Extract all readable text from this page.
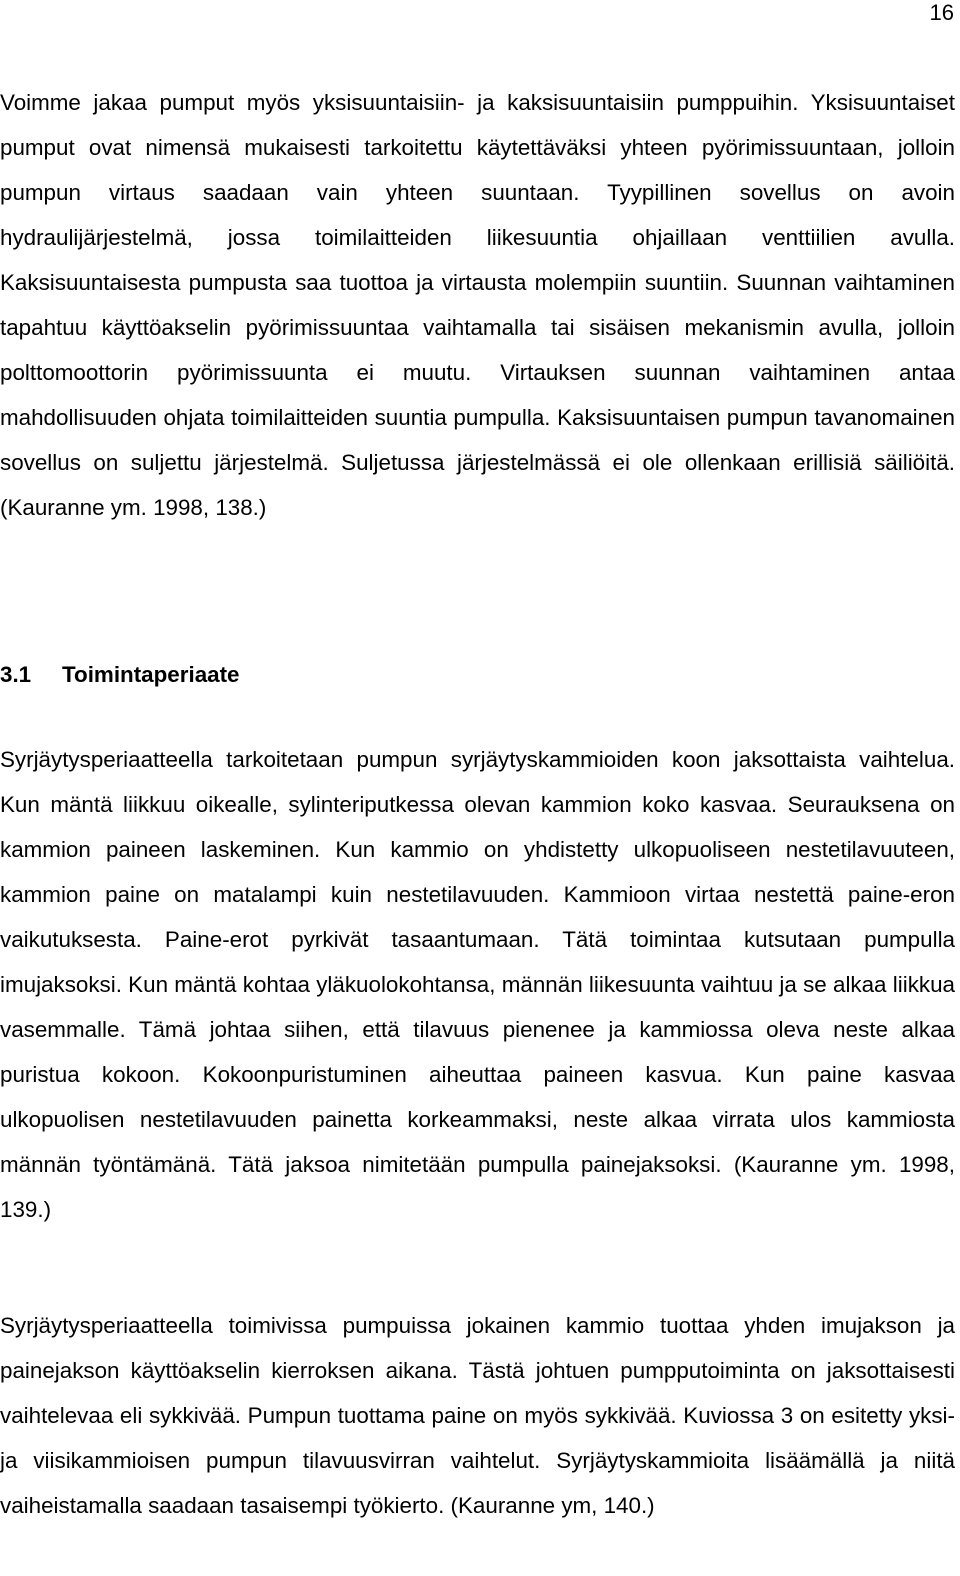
16

Voimme jakaa pumput myös yksisuuntaisiin- ja kaksisuuntaisiin pumppuihin. Yksisuuntaiset pumput ovat nimensä mukaisesti tarkoitettu käytettäväksi yhteen pyörimissuuntaan, jolloin pumpun virtaus saadaan vain yhteen suuntaan. Tyypillinen sovellus on avoin hydraulijärjestelmä, jossa toimilaitteiden liikesuuntia ohjaillaan venttiilien avulla. Kaksisuuntaisesta pumpusta saa tuottoa ja virtausta molempiin suuntiin. Suunnan vaihtaminen tapahtuu käyttöakselin pyörimissuuntaa vaihtamalla tai sisäisen mekanismin avulla, jolloin polttomoottorin pyörimissuunta ei muutu. Virtauksen suunnan vaihtaminen antaa mahdollisuuden ohjata toimilaitteiden suuntia pumpulla. Kaksisuuntaisen pumpun tavanomainen sovellus on suljettu järjestelmä. Suljetussa järjestelmässä ei ole ollenkaan erillisiä säiliöitä. (Kauranne ym. 1998, 138.)

3.1 Toimintaperiaate

Syrjäytysperiaatteella tarkoitetaan pumpun syrjäytyskammioiden koon jaksottaista vaihtelua. Kun mäntä liikkuu oikealle, sylinteriputkessa olevan kammion koko kasvaa. Seurauksena on kammion paineen laskeminen. Kun kammio on yhdistetty ulkopuoliseen nestetilavuuteen, kammion paine on matalampi kuin nestetilavuuden. Kammioon virtaa nestettä paine-eron vaikutuksesta. Paine-erot pyrkivät tasaantumaan. Tätä toimintaa kutsutaan pumpulla imujaksoksi. Kun mäntä kohtaa yläkuolokohtansa, männän liikesuunta vaihtuu ja se alkaa liikkua vasemmalle. Tämä johtaa siihen, että tilavuus pienenee ja kammiossa oleva neste alkaa puristua kokoon. Kokoonpuristuminen aiheuttaa paineen kasvua. Kun paine kasvaa ulkopuolisen nestetilavuuden painetta korkeammaksi, neste alkaa virrata ulos kammiosta männän työntämänä. Tätä jaksoa nimitetään pumpulla painejaksoksi. (Kauranne ym. 1998, 139.)

Syrjäytysperiaatteella toimivissa pumpuissa jokainen kammio tuottaa yhden imujakson ja painejakson käyttöakselin kierroksen aikana. Tästä johtuen pumpputoiminta on jaksottaisesti vaihtelevaa eli sykkivää. Pumpun tuottama paine on myös sykkivää. Kuviossa 3 on esitetty yksi- ja viisikammioisen pumpun tilavuusvirran vaihtelut. Syrjäytyskammioita lisäämällä ja niitä vaiheistamalla saadaan tasaisempi työkierto. (Kauranne ym, 140.)
